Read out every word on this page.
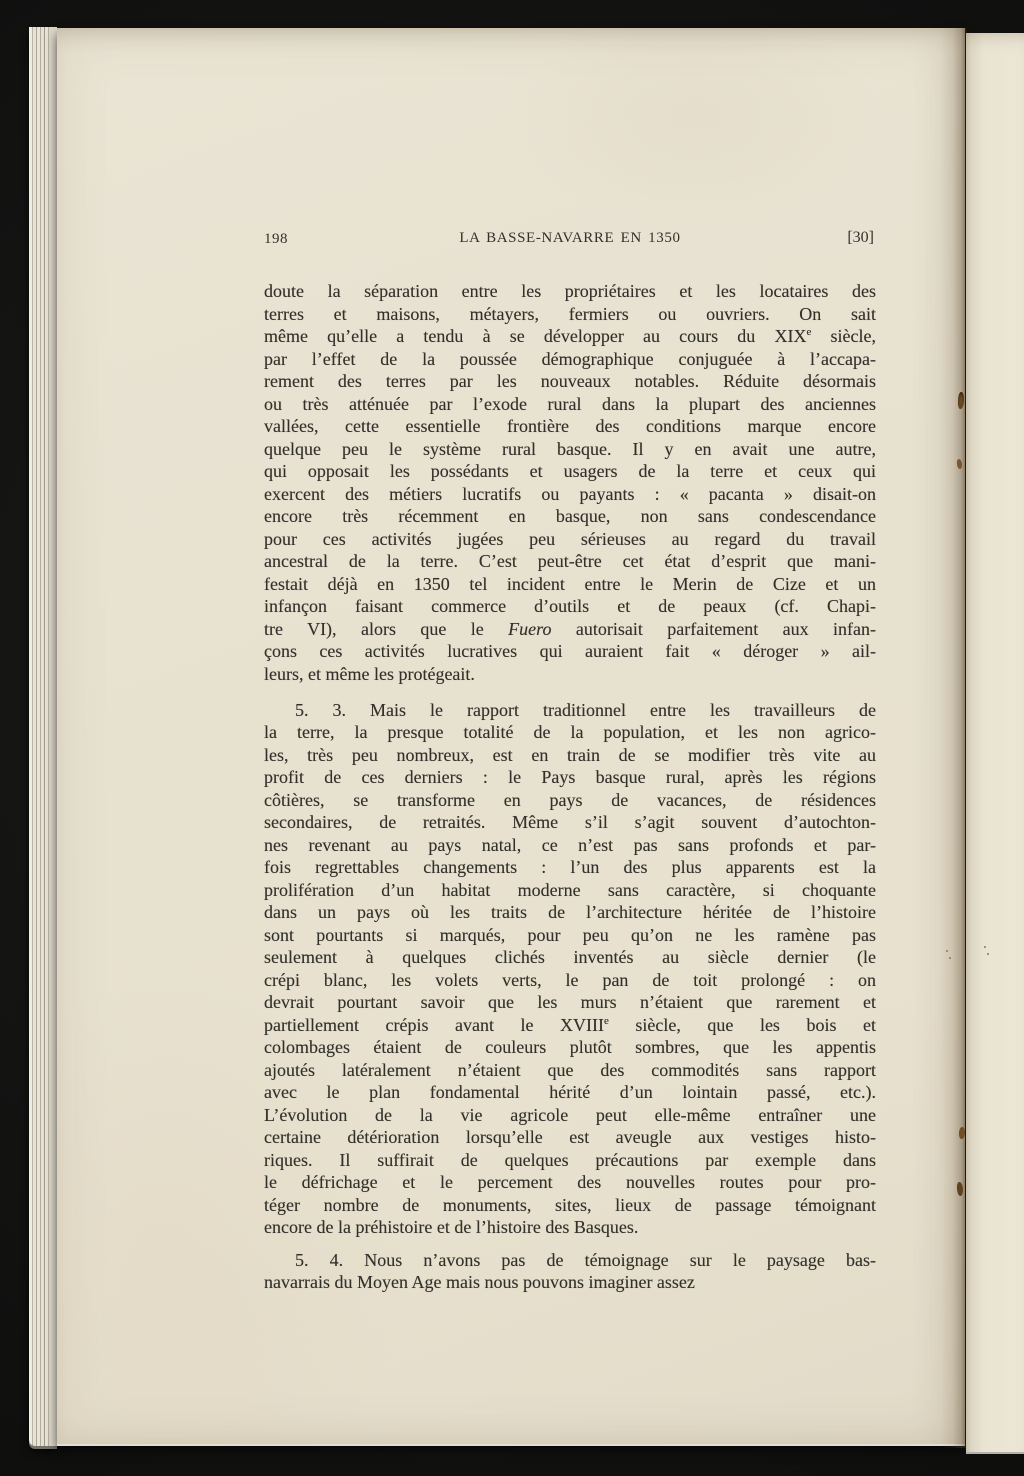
198	LA BASSE-NAVARRE EN 1350	[30]
doute la séparation entre les propriétaires et les locataires des
terres et maisons, métayers, fermiers ou ouvriers. On sait
même qu’elle a tendu à se développer au cours du XIXe siècle,
par l’effet de la poussée démographique conjuguée à l’accapa-
rement des terres par les nouveaux notables. Réduite désormais
ou très atténuée par l’exode rural dans la plupart des anciennes
vallées, cette essentielle frontière des conditions marque encore
quelque peu le système rural basque. Il y en avait une autre,
qui opposait les possédants et usagers de la terre et ceux qui
exercent des métiers lucratifs ou payants : « pacanta » disait-on
encore très récemment en basque, non sans condescendance
pour ces activités jugées peu sérieuses au regard du travail
ancestral de la terre. C’est peut-être cet état d’esprit que mani-
festait déjà en 1350 tel incident entre le Merin de Cize et un
infançon faisant commerce d’outils et de peaux (cf. Chapi-
tre VI), alors que le Fuero autorisait parfaitement aux infan-
çons ces activités lucratives qui auraient fait « déroger » ail-
leurs, et même les protégeait.
5. 3. Mais le rapport traditionnel entre les travailleurs de
la terre, la presque totalité de la population, et les non agrico-
les, très peu nombreux, est en train de se modifier très vite au
profit de ces derniers : le Pays basque rural, après les régions
côtières, se transforme en pays de vacances, de résidences
secondaires, de retraités. Même s’il s’agit souvent d’autochton-
nes revenant au pays natal, ce n’est pas sans profonds et par-
fois regrettables changements : l’un des plus apparents est la
prolifération d’un habitat moderne sans caractère, si choquante
dans un pays où les traits de l’architecture héritée de l’histoire
sont pourtants si marqués, pour peu qu’on ne les ramène pas
seulement à quelques clichés inventés au siècle dernier (le
crépi blanc, les volets verts, le pan de toit prolongé : on
devrait pourtant savoir que les murs n’étaient que rarement et
partiellement crépis avant le XVIIIe siècle, que les bois et
colombages étaient de couleurs plutôt sombres, que les appentis
ajoutés latéralement n’étaient que des commodités sans rapport
avec le plan fondamental hérité d’un lointain passé, etc.).
L’évolution de la vie agricole peut elle-même entraîner une
certaine détérioration lorsqu’elle est aveugle aux vestiges histo-
riques. Il suffirait de quelques précautions par exemple dans
le défrichage et le percement des nouvelles routes pour pro-
téger nombre de monuments, sites, lieux de passage témoignant
encore de la préhistoire et de l’histoire des Basques.
5. 4. Nous n’avons pas de témoignage sur le paysage bas-
navarrais du Moyen Age mais nous pouvons imaginer assez
